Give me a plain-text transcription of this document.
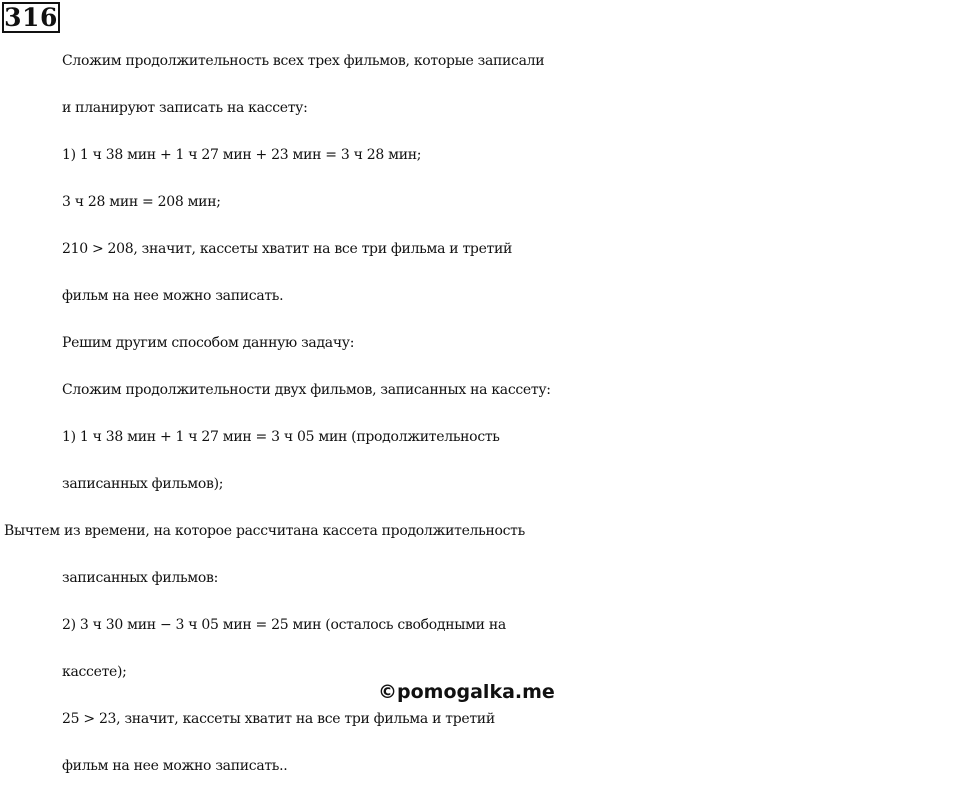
316
Сложим продолжительность всех трех фильмов, которые записали
и планируют записать на кассету:
1) 1 ч 38 мин + 1 ч 27 мин + 23 мин = 3 ч 28 мин;
3 ч 28 мин = 208 мин;
210 > 208, значит, кассеты хватит на все три фильма и третий
фильм на нее можно записать.
Решим другим способом данную задачу:
Сложим продолжительности двух фильмов, записанных на кассету:
1) 1 ч 38 мин + 1 ч 27 мин = 3 ч 05 мин (продолжительность
записанных фильмов);
Вычтем из времени, на которое рассчитана кассета продолжительность
записанных фильмов:
2) 3 ч 30 мин − 3 ч 05 мин = 25 мин (осталось свободными на
кассете);
25 > 23, значит, кассеты хватит на все три фильма и третий
фильм на нее можно записать..
©pomogalka.me
